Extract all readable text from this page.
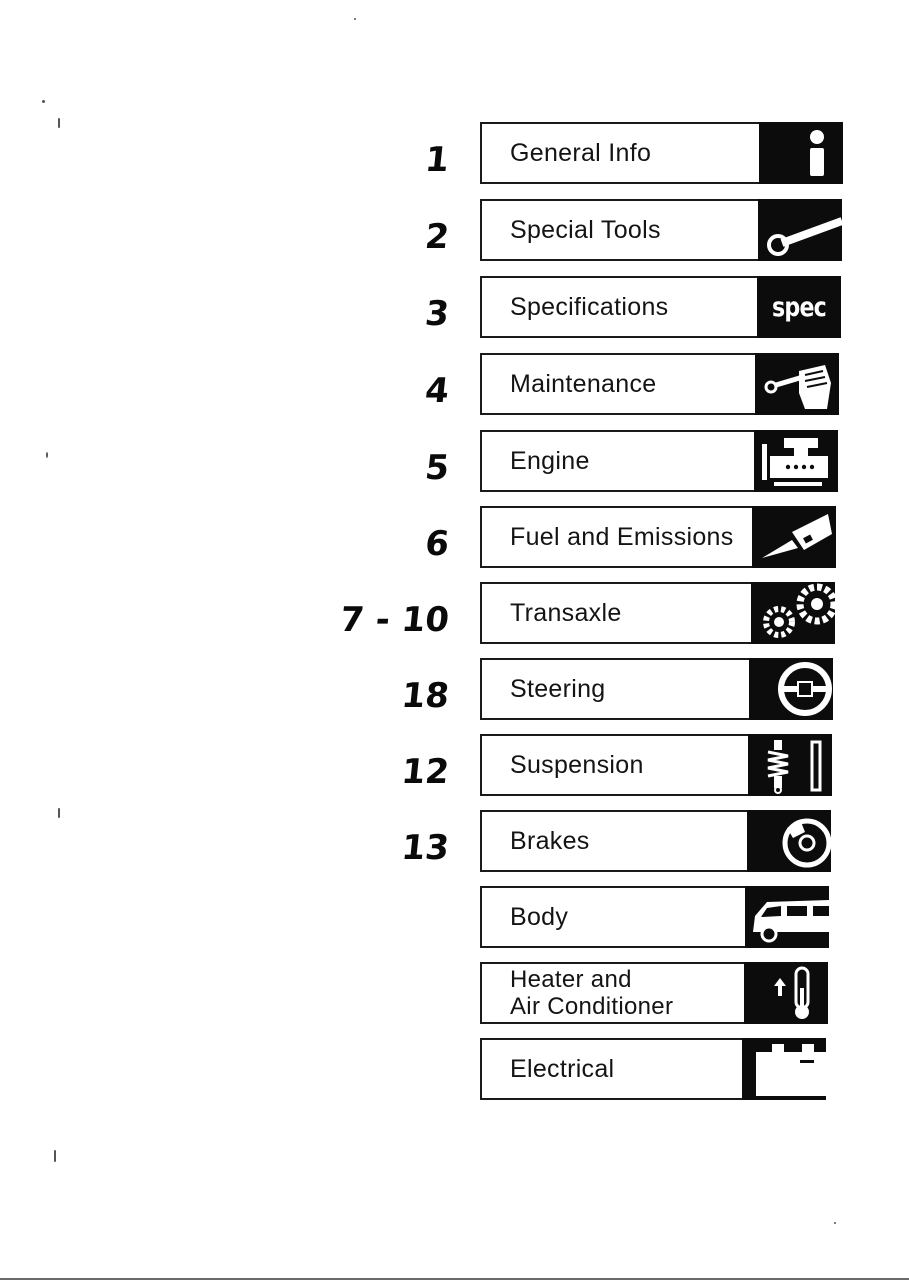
1 General Info
2 Special Tools
3 Specifications	spec
4 Maintenance
5 Engine
6 Fuel and Emissions
7 - 10 Transaxle
18 Steering
12 Suspension
13 Brakes
Body
Heater and
Air Conditioner
Electrical
